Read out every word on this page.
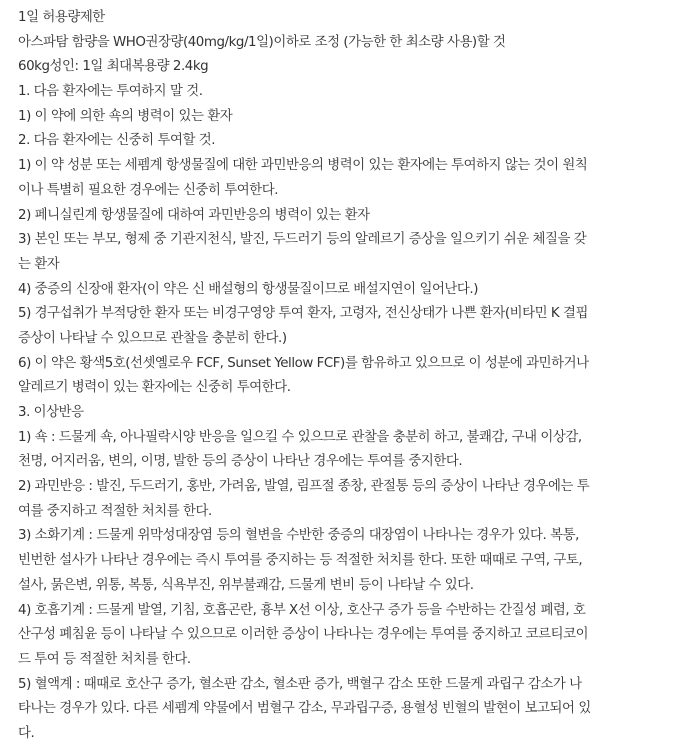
1일 허용량제한
아스파탐 함량을 WHO권장량(40mg/kg/1일)이하로 조정 (가능한 한 최소량 사용)할 것
60kg성인: 1일 최대복용량 2.4kg
1. 다음 환자에는 투여하지 말 것.
1) 이 약에 의한 쇽의 병력이 있는 환자
2. 다음 환자에는 신중히 투여할 것.
1) 이 약 성분 또는 세펨계 항생물질에 대한 과민반응의 병력이 있는 환자에는 투여하지 않는 것이 원칙
이나 특별히 필요한 경우에는 신중히 투여한다.
2) 페니실린계 항생물질에 대하여 과민반응의 병력이 있는 환자
3) 본인 또는 부모, 형제 중 기관지천식, 발진, 두드러기 등의 알레르기 증상을 일으키기 쉬운 체질을 갖
는 환자
4) 중증의 신장애 환자(이 약은 신 배설형의 항생물질이므로 배설지연이 일어난다.)
5) 경구섭취가 부적당한 환자 또는 비경구영양 투여 환자, 고령자, 전신상태가 나쁜 환자(비타민 K 결핍
증상이 나타날 수 있으므로 관찰을 충분히 한다.)
6) 이 약은 황색5호(선셋옐로우 FCF, Sunset Yellow FCF)를 함유하고 있으므로 이 성분에 과민하거나
알레르기 병력이 있는 환자에는 신중히 투여한다.
3. 이상반응
1) 쇽 : 드물게 쇽, 아나필락시양 반응을 일으킬 수 있으므로 관찰을 충분히 하고, 불쾌감, 구내 이상감,
천명, 어지러움, 변의, 이명, 발한 등의 증상이 나타난 경우에는 투여를 중지한다.
2) 과민반응 : 발진, 두드러기, 홍반, 가려움, 발열, 림프절 종창, 관절통 등의 증상이 나타난 경우에는 투
여를 중지하고 적절한 처치를 한다.
3) 소화기계 : 드물게 위막성대장염 등의 혈변을 수반한 중증의 대장염이 나타나는 경우가 있다. 복통,
빈번한 설사가 나타난 경우에는 즉시 투여를 중지하는 등 적절한 처치를 한다. 또한 때때로 구역, 구토,
설사, 묽은변, 위통, 복통, 식욕부진, 위부불쾌감, 드물게 변비 등이 나타날 수 있다.
4) 호흡기계 : 드물게 발열, 기침, 호흡곤란, 흉부 X선 이상, 호산구 증가 등을 수반하는 간질성 폐렴, 호
산구성 폐침윤 등이 나타날 수 있으므로 이러한 증상이 나타나는 경우에는 투여를 중지하고 코르티코이
드 투여 등 적절한 처치를 한다.
5) 혈액계 : 때때로 호산구 증가, 혈소판 감소, 혈소판 증가, 백혈구 감소 또한 드물게 과립구 감소가 나
타나는 경우가 있다. 다른 세펨계 약물에서 범혈구 감소, 무과립구증, 용혈성 빈혈의 발현이 보고되어 있
다.
